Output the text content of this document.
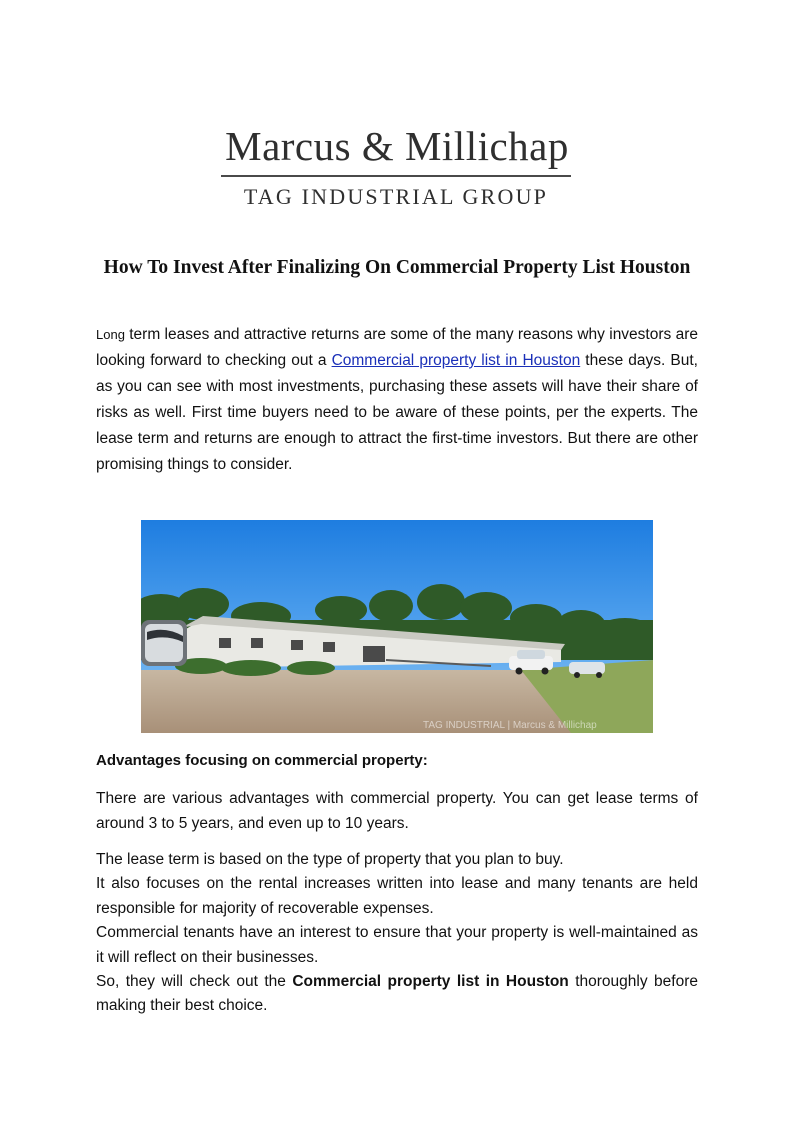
Marcus & Millichap
TAG INDUSTRIAL GROUP
How To Invest After Finalizing On Commercial Property List Houston

Long term leases and attractive returns are some of the many reasons why investors are looking forward to checking out a Commercial property list in Houston these days. But, as you can see with most investments, purchasing these assets will have their share of risks as well. First time buyers need to be aware of these points, per the experts. The lease term and returns are enough to attract the first-time investors. But there are other promising things to consider.

TAG INDUSTRIAL | Marcus & Millichap
Advantages focusing on commercial property:

There are various advantages with commercial property. You can get lease terms of around 3 to 5 years, and even up to 10 years.

The lease term is based on the type of property that you plan to buy.
It also focuses on the rental increases written into lease and many tenants are held responsible for majority of recoverable expenses.
Commercial tenants have an interest to ensure that your property is well-maintained as it will reflect on their businesses.
So, they will check out the Commercial property list in Houston thoroughly before making their best choice.
